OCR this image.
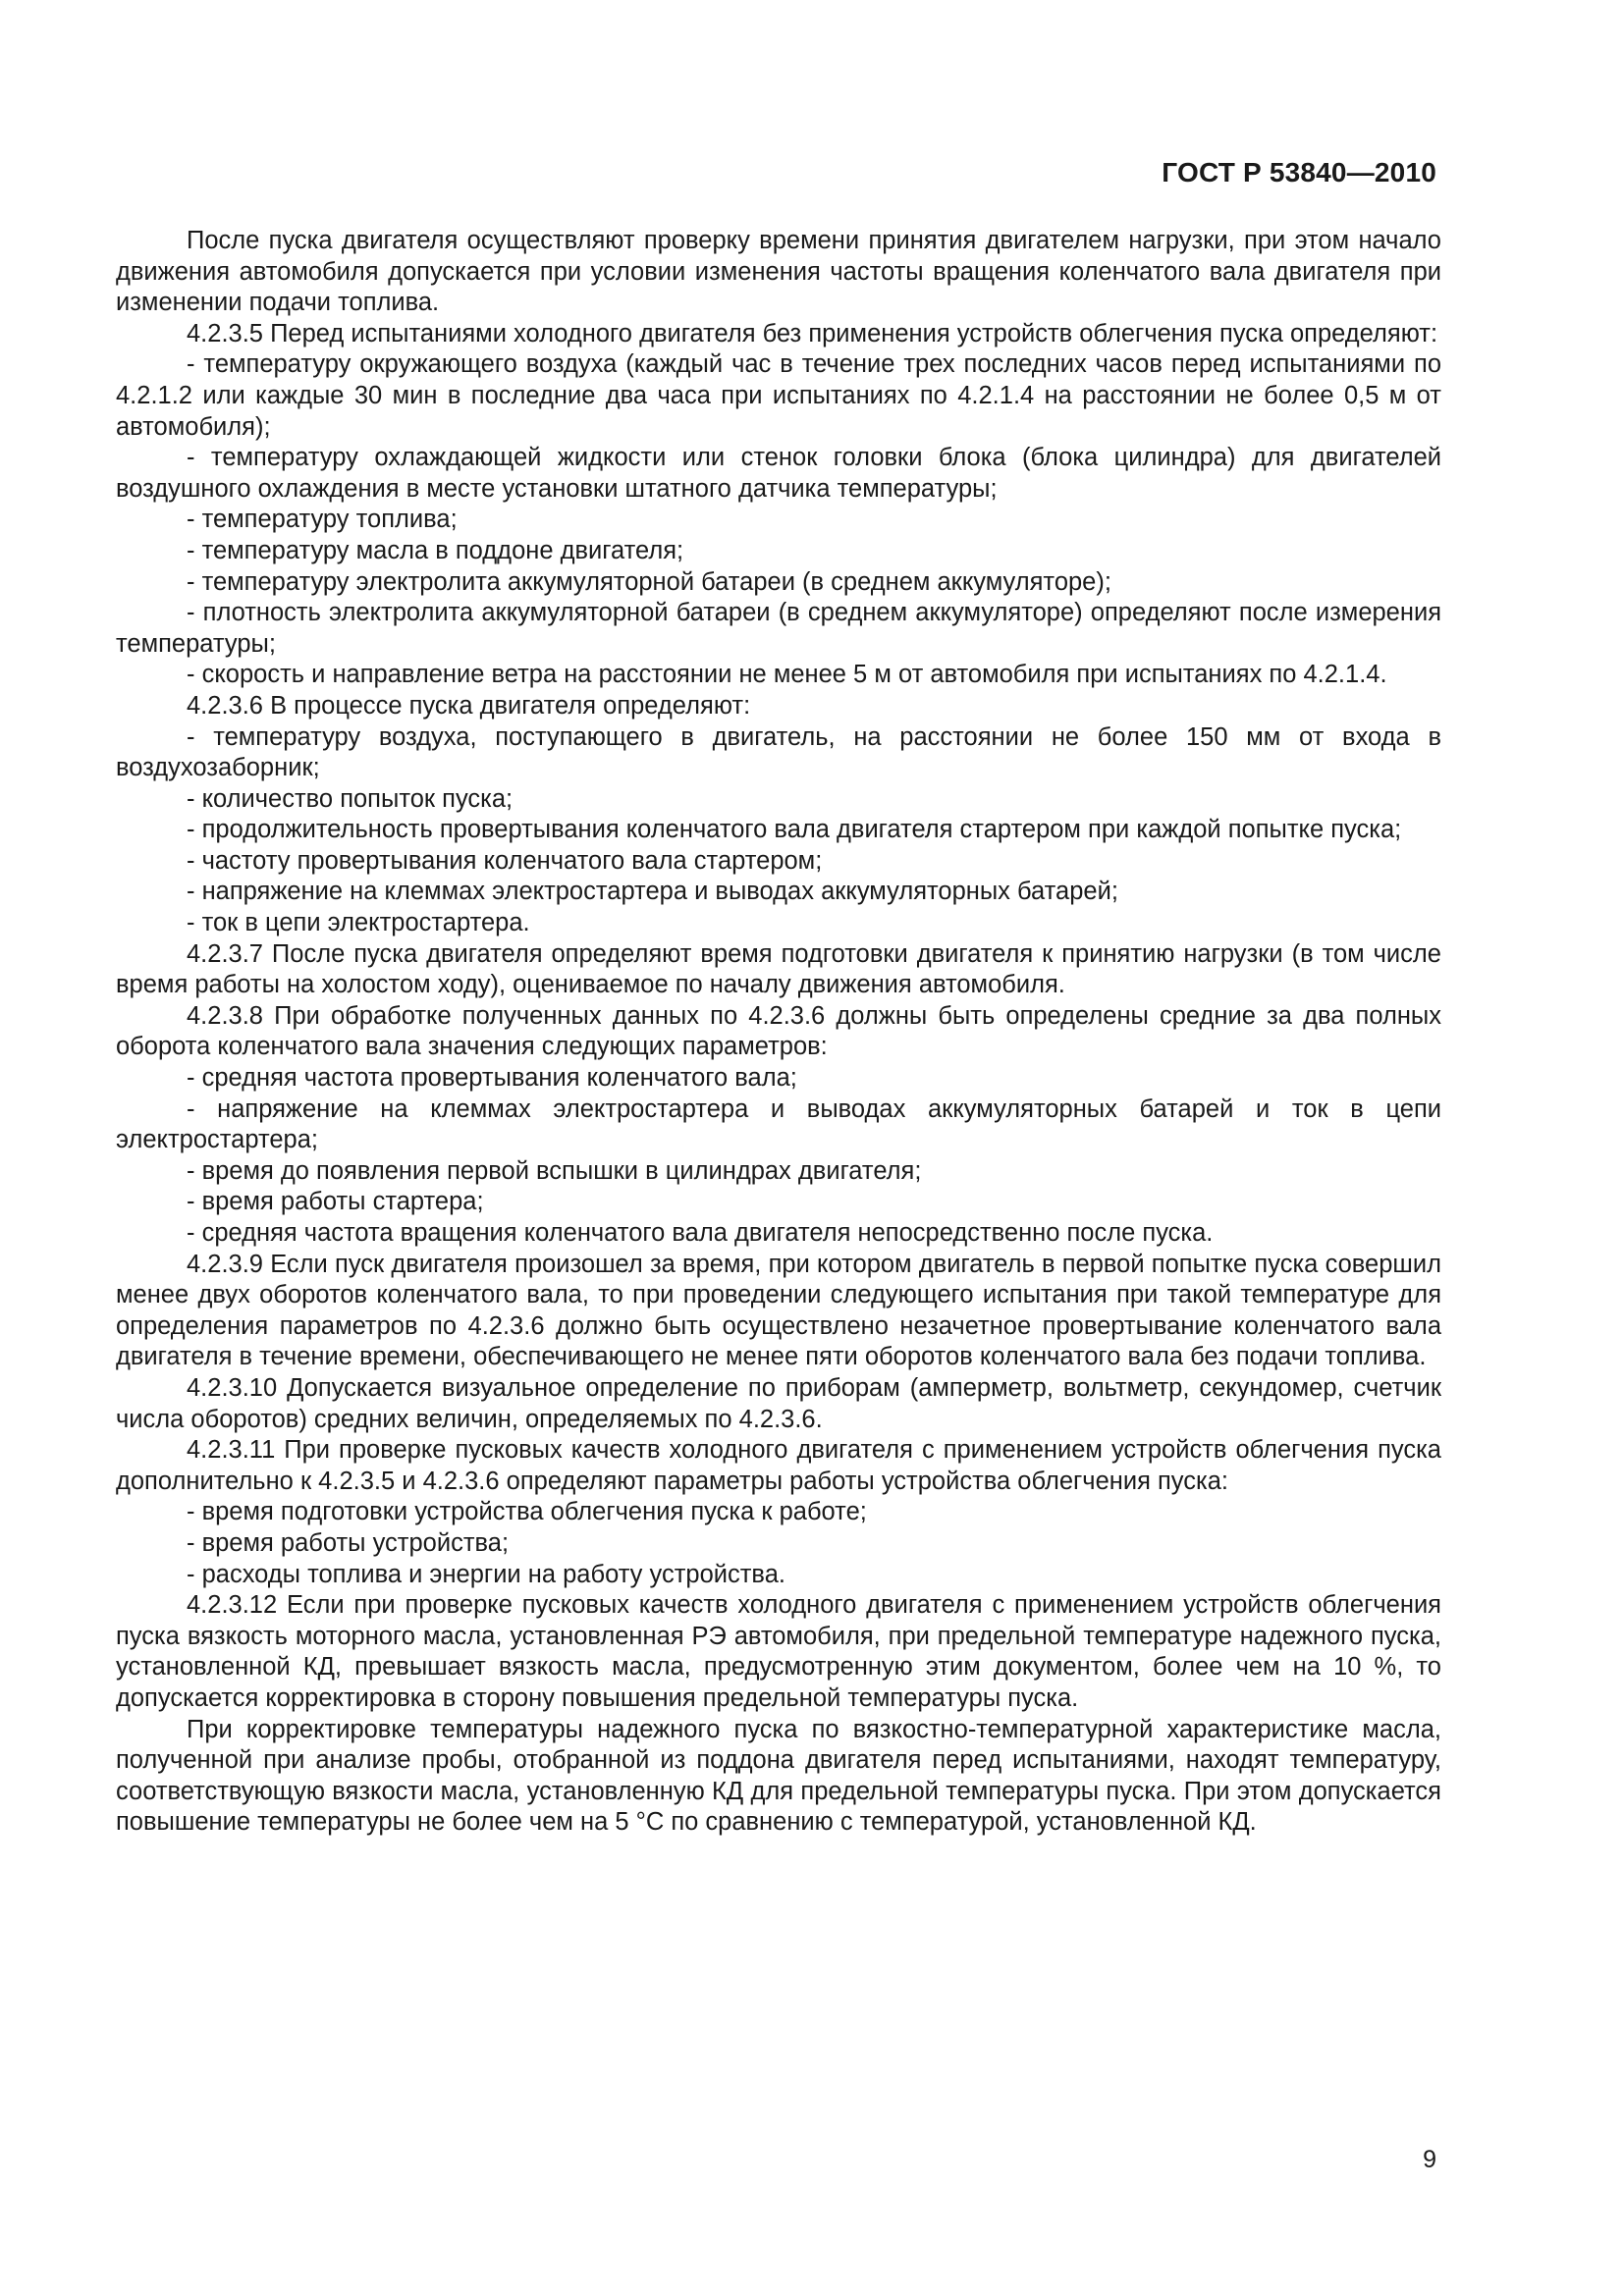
ГОСТ Р 53840—2010

После пуска двигателя осуществляют проверку времени принятия двигателем нагрузки, при этом начало движения автомобиля допускается при условии изменения частоты вращения коленчатого вала двигателя при изменении подачи топлива.

4.2.3.5 Перед испытаниями холодного двигателя без применения устройств облегчения пуска определяют:

- температуру окружающего воздуха (каждый час в течение трех последних часов перед испытаниями по 4.2.1.2 или каждые 30 мин в последние два часа при испытаниях по 4.2.1.4 на расстоянии не более 0,5 м от автомобиля);

- температуру охлаждающей жидкости или стенок головки блока (блока цилиндра) для двигателей воздушного охлаждения в месте установки штатного датчика температуры;

- температуру топлива;

- температуру масла в поддоне двигателя;

- температуру электролита аккумуляторной батареи (в среднем аккумуляторе);

- плотность электролита аккумуляторной батареи (в среднем аккумуляторе) определяют после измерения температуры;

- скорость и направление ветра на расстоянии не менее 5 м от автомобиля при испытаниях по 4.2.1.4.

4.2.3.6 В процессе пуска двигателя определяют:

- температуру воздуха, поступающего в двигатель, на расстоянии не более 150 мм от входа в воздухозаборник;

- количество попыток пуска;

- продолжительность провертывания коленчатого вала двигателя стартером при каждой попытке пуска;

- частоту провертывания коленчатого вала стартером;

- напряжение на клеммах электростартера и выводах аккумуляторных батарей;

- ток в цепи электростартера.

4.2.3.7 После пуска двигателя определяют время подготовки двигателя к принятию нагрузки (в том числе время работы на холостом ходу), оцениваемое по началу движения автомобиля.

4.2.3.8 При обработке полученных данных по 4.2.3.6 должны быть определены средние за два полных оборота коленчатого вала значения следующих параметров:

- средняя частота провертывания коленчатого вала;

- напряжение на клеммах электростартера и выводах аккумуляторных батарей и ток в цепи электростартера;

- время до появления первой вспышки в цилиндрах двигателя;

- время работы стартера;

- средняя частота вращения коленчатого вала двигателя непосредственно после пуска.

4.2.3.9 Если пуск двигателя произошел за время, при котором двигатель в первой попытке пуска совершил менее двух оборотов коленчатого вала, то при проведении следующего испытания при такой температуре для определения параметров по 4.2.3.6 должно быть осуществлено незачетное провертывание коленчатого вала двигателя в течение времени, обеспечивающего не менее пяти оборотов коленчатого вала без подачи топлива.

4.2.3.10 Допускается визуальное определение по приборам (амперметр, вольтметр, секундомер, счетчик числа оборотов) средних величин, определяемых по 4.2.3.6.

4.2.3.11 При проверке пусковых качеств холодного двигателя с применением устройств облегчения пуска дополнительно к 4.2.3.5 и 4.2.3.6 определяют параметры работы устройства облегчения пуска:

- время подготовки устройства облегчения пуска к работе;

- время работы устройства;

- расходы топлива и энергии на работу устройства.

4.2.3.12 Если при проверке пусковых качеств холодного двигателя с применением устройств облегчения пуска вязкость моторного масла, установленная РЭ автомобиля, при предельной температуре надежного пуска, установленной КД, превышает вязкость масла, предусмотренную этим документом, более чем на 10 %, то допускается корректировка в сторону повышения предельной температуры пуска.

При корректировке температуры надежного пуска по вязкостно-температурной характеристике масла, полученной при анализе пробы, отобранной из поддона двигателя перед испытаниями, находят температуру, соответствующую вязкости масла, установленную КД для предельной температуры пуска. При этом допускается повышение температуры не более чем на 5 °С по сравнению с температурой, установленной КД.

9
